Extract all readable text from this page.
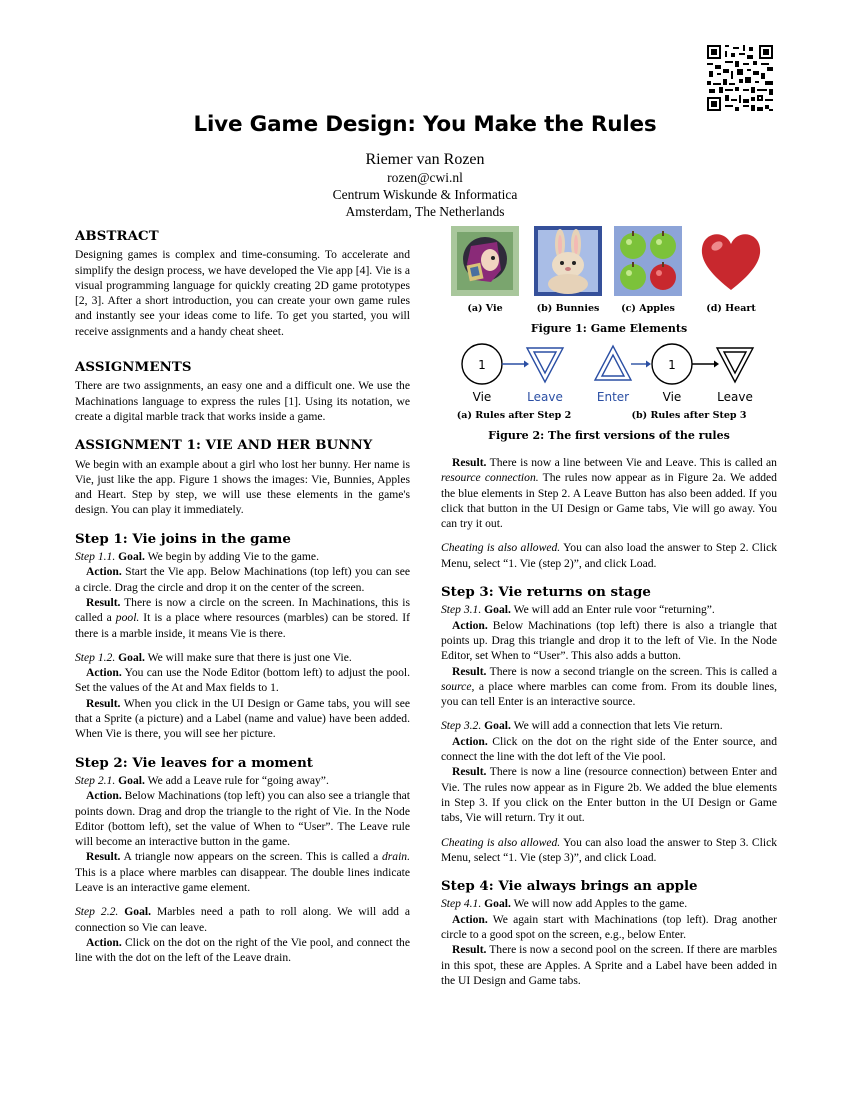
Live Game Design: You Make the Rules
Riemer van Rozen
rozen@cwi.nl
Centrum Wiskunde & Informatica
Amsterdam, The Netherlands
(a) Vie	(b) Bunnies	(c) Apples	(d) Heart
Figure 1: Game Elements
1	1
Vie	Leave	Enter	Vie	Leave
(a) Rules after Step 2	(b) Rules after Step 3
Figure 2: The first versions of the rules
ABSTRACT

Designing games is complex and time-consuming. To accelerate and simplify the design process, we have developed the Vie app [4]. Vie is a visual programming language for quickly creating 2D game prototypes [2, 3]. After a short introduction, you can create your own game rules and instantly see your ideas come to life. To get you started, you will receive assignments and a handy cheat sheet.

ASSIGNMENTS

There are two assignments, an easy one and a difficult one. We use the Machinations language to express the rules [1]. Using its notation, we create a digital marble track that works inside a game.

ASSIGNMENT 1: VIE AND HER BUNNY

We begin with an example about a girl who lost her bunny. Her name is Vie, just like the app. Figure 1 shows the images: Vie, Bunnies, Apples and Heart. Step by step, we will use these elements in the game's design. You can play it immediately.

Step 1: Vie joins in the game

Step 1.1. Goal. We begin by adding Vie to the game.

Action. Start the Vie app. Below Machinations (top left) you can see a circle. Drag the circle and drop it on the center of the screen.

Result. There is now a circle on the screen. In Machinations, this is called a pool. It is a place where resources (marbles) can be stored. If there is a marble inside, it means Vie is there.

Step 1.2. Goal. We will make sure that there is just one Vie.

Action. You can use the Node Editor (bottom left) to adjust the pool. Set the values of the At and Max fields to 1.

Result. When you click in the UI Design or Game tabs, you will see that a Sprite (a picture) and a Label (name and value) have been added. When Vie is there, you will see her picture.

Step 2: Vie leaves for a moment

Step 2.1. Goal. We add a Leave rule for “going away”.

Action. Below Machinations (top left) you can also see a triangle that points down. Drag and drop the triangle to the right of Vie. In the Node Editor (bottom left), set the value of When to “User”. The Leave rule will become an interactive button in the game.

Result. A triangle now appears on the screen. This is called a drain. This is a place where marbles can disappear. The double lines indicate Leave is an interactive game element.

Step 2.2. Goal. Marbles need a path to roll along. We will add a connection so Vie can leave.

Action. Click on the dot on the right of the Vie pool, and connect the line with the dot on the left of the Leave drain.

Result. There is now a line between Vie and Leave. This is called an resource connection. The rules now appear as in Figure 2a. We added the blue elements in Step 2. A Leave Button has also been added. If you click that button in the UI Design or Game tabs, Vie will go away. You can try it out.

Cheating is also allowed. You can also load the answer to Step 2. Click Menu, select “1. Vie (step 2)”, and click Load.

Step 3: Vie returns on stage

Step 3.1. Goal. We will add an Enter rule voor “returning”.

Action. Below Machinations (top left) there is also a triangle that points up. Drag this triangle and drop it to the left of Vie. In the Node Editor, set When to “User”. This also adds a button.

Result. There is now a second triangle on the screen. This is called a source, a place where marbles can come from. From its double lines, you can tell Enter is an interactive source.

Step 3.2. Goal. We will add a connection that lets Vie return.

Action. Click on the dot on the right side of the Enter source, and connect the line with the dot left of the Vie pool.

Result. There is now a line (resource connection) between Enter and Vie. The rules now appear as in Figure 2b. We added the blue elements in Step 3. If you click on the Enter button in the UI Design or Game tabs, Vie will return. Try it out.

Cheating is also allowed. You can also load the answer to Step 3. Click Menu, select “1. Vie (step 3)”, and click Load.

Step 4: Vie always brings an apple

Step 4.1. Goal. We will now add Apples to the game.

Action. We again start with Machinations (top left). Drag another circle to a good spot on the screen, e.g., below Enter.

Result. There is now a second pool on the screen. If there are marbles in this spot, these are Apples. A Sprite and a Label have been added in the UI Design and Game tabs.
